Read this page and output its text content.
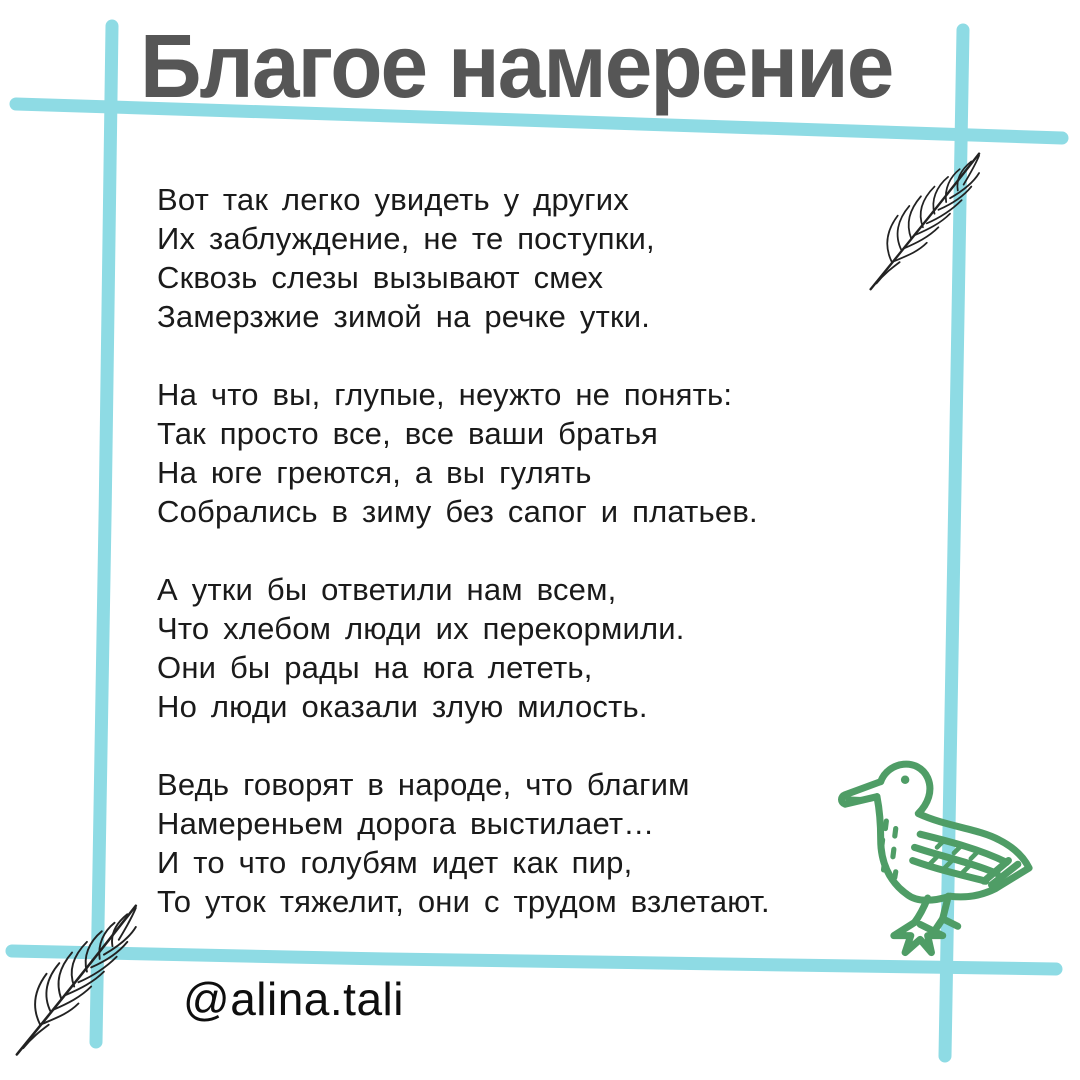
Благое намерение
Вот так легко увидеть у других
Их заблуждение, не те поступки,
Сквозь слезы вызывают смех
Замерзжие зимой на речке утки.
На что вы, глупые, неужто не понять:
Так просто все, все ваши братья
На юге греются, а вы гулять
Собрались в зиму без сапог и платьев.
А утки бы ответили нам всем,
Что хлебом люди их перекормили.
Они бы рады на юга лететь,
Но люди оказали злую милость.
Ведь говорят в народе, что благим
Намереньем дорога выстилает…
И то что голубям идет как пир,
То уток тяжелит, они с трудом взлетают.
@alina.tali
